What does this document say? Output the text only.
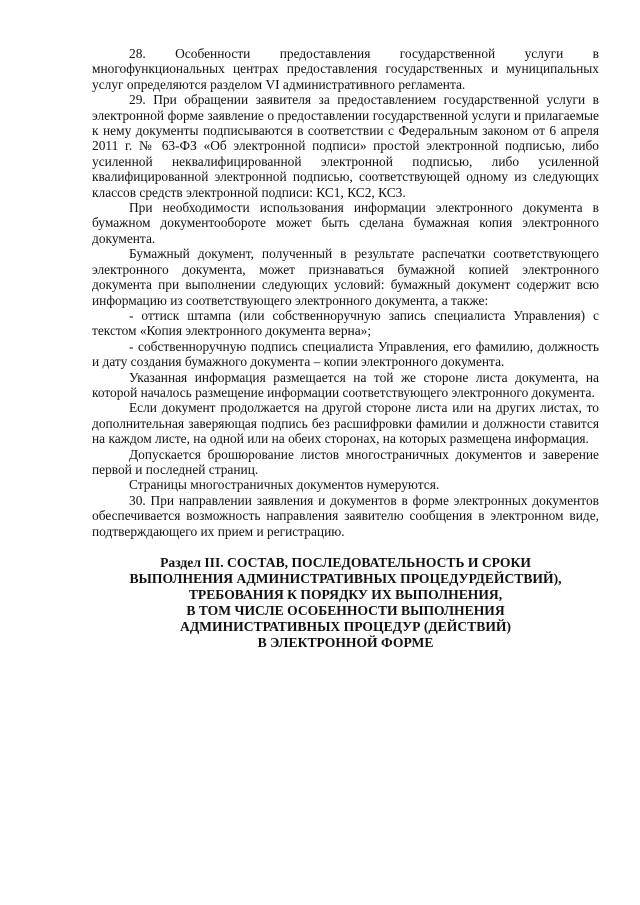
28. Особенности предоставления государственной услуги в многофункциональных центрах предоставления государственных и муниципальных услуг определяются разделом VI административного регламента.

29. При обращении заявителя за предоставлением государственной услуги в электронной форме заявление о предоставлении государственной услуги и прилагаемые к нему документы подписываются в соответствии с Федеральным законом от 6 апреля 2011 г. № 63-ФЗ «Об электронной подписи» простой электронной подписью, либо усиленной неквалифицированной электронной подписью, либо усиленной квалифицированной электронной подписью, соответствующей одному из следующих классов средств электронной подписи: КС1, КС2, КС3.

При необходимости использования информации электронного документа в бумажном документообороте может быть сделана бумажная копия электронного документа.

Бумажный документ, полученный в результате распечатки соответствующего электронного документа, может признаваться бумажной копией электронного документа при выполнении следующих условий: бумажный документ содержит всю информацию из соответствующего электронного документа, а также:

- оттиск штампа (или собственноручную запись специалиста Управления) с текстом «Копия электронного документа верна»;

- собственноручную подпись специалиста Управления, его фамилию, должность и дату создания бумажного документа – копии электронного документа.

Указанная информация размещается на той же стороне листа документа, на которой началось размещение информации соответствующего электронного документа.

Если документ продолжается на другой стороне листа или на других листах, то дополнительная заверяющая подпись без расшифровки фамилии и должности ставится на каждом листе, на одной или на обеих сторонах, на которых размещена информация.

Допускается брошюрование листов многостраничных документов и заверение первой и последней страниц.

Страницы многостраничных документов нумеруются.

30. При направлении заявления и документов в форме электронных документов обеспечивается возможность направления заявителю сообщения в электронном виде, подтверждающего их прием и регистрацию.

Раздел III. СОСТАВ, ПОСЛЕДОВАТЕЛЬНОСТЬ И СРОКИ
ВЫПОЛНЕНИЯ АДМИНИСТРАТИВНЫХ ПРОЦЕДУРДЕЙСТВИЙ),
ТРЕБОВАНИЯ К ПОРЯДКУ ИХ ВЫПОЛНЕНИЯ,
В ТОМ ЧИСЛЕ ОСОБЕННОСТИ ВЫПОЛНЕНИЯ
АДМИНИСТРАТИВНЫХ ПРОЦЕДУР (ДЕЙСТВИЙ)
В ЭЛЕКТРОННОЙ ФОРМЕ
